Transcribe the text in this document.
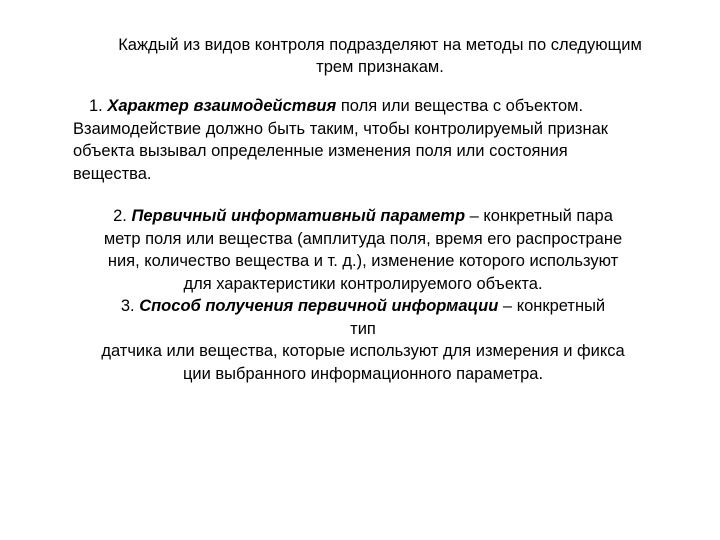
Каждый из видов контроля подразделяют на методы по следующим
трем признакам.
1. Характер взаимодействия поля или вещества с объектом.
Взаимодействие должно быть таким, чтобы контролируемый признак
объекта вызывал определенные изменения поля или состояния
вещества.
2. Первичный информативный параметр – конкретный пара
метр поля или вещества (амплитуда поля, время его распростране
ния, количество вещества и т. д.), изменение которого используют
для характеристики контролируемого объекта.
3. Способ получения первичной информации – конкретный
тип
датчика или вещества, которые используют для измерения и фикса
ции выбранного информационного параметра.
